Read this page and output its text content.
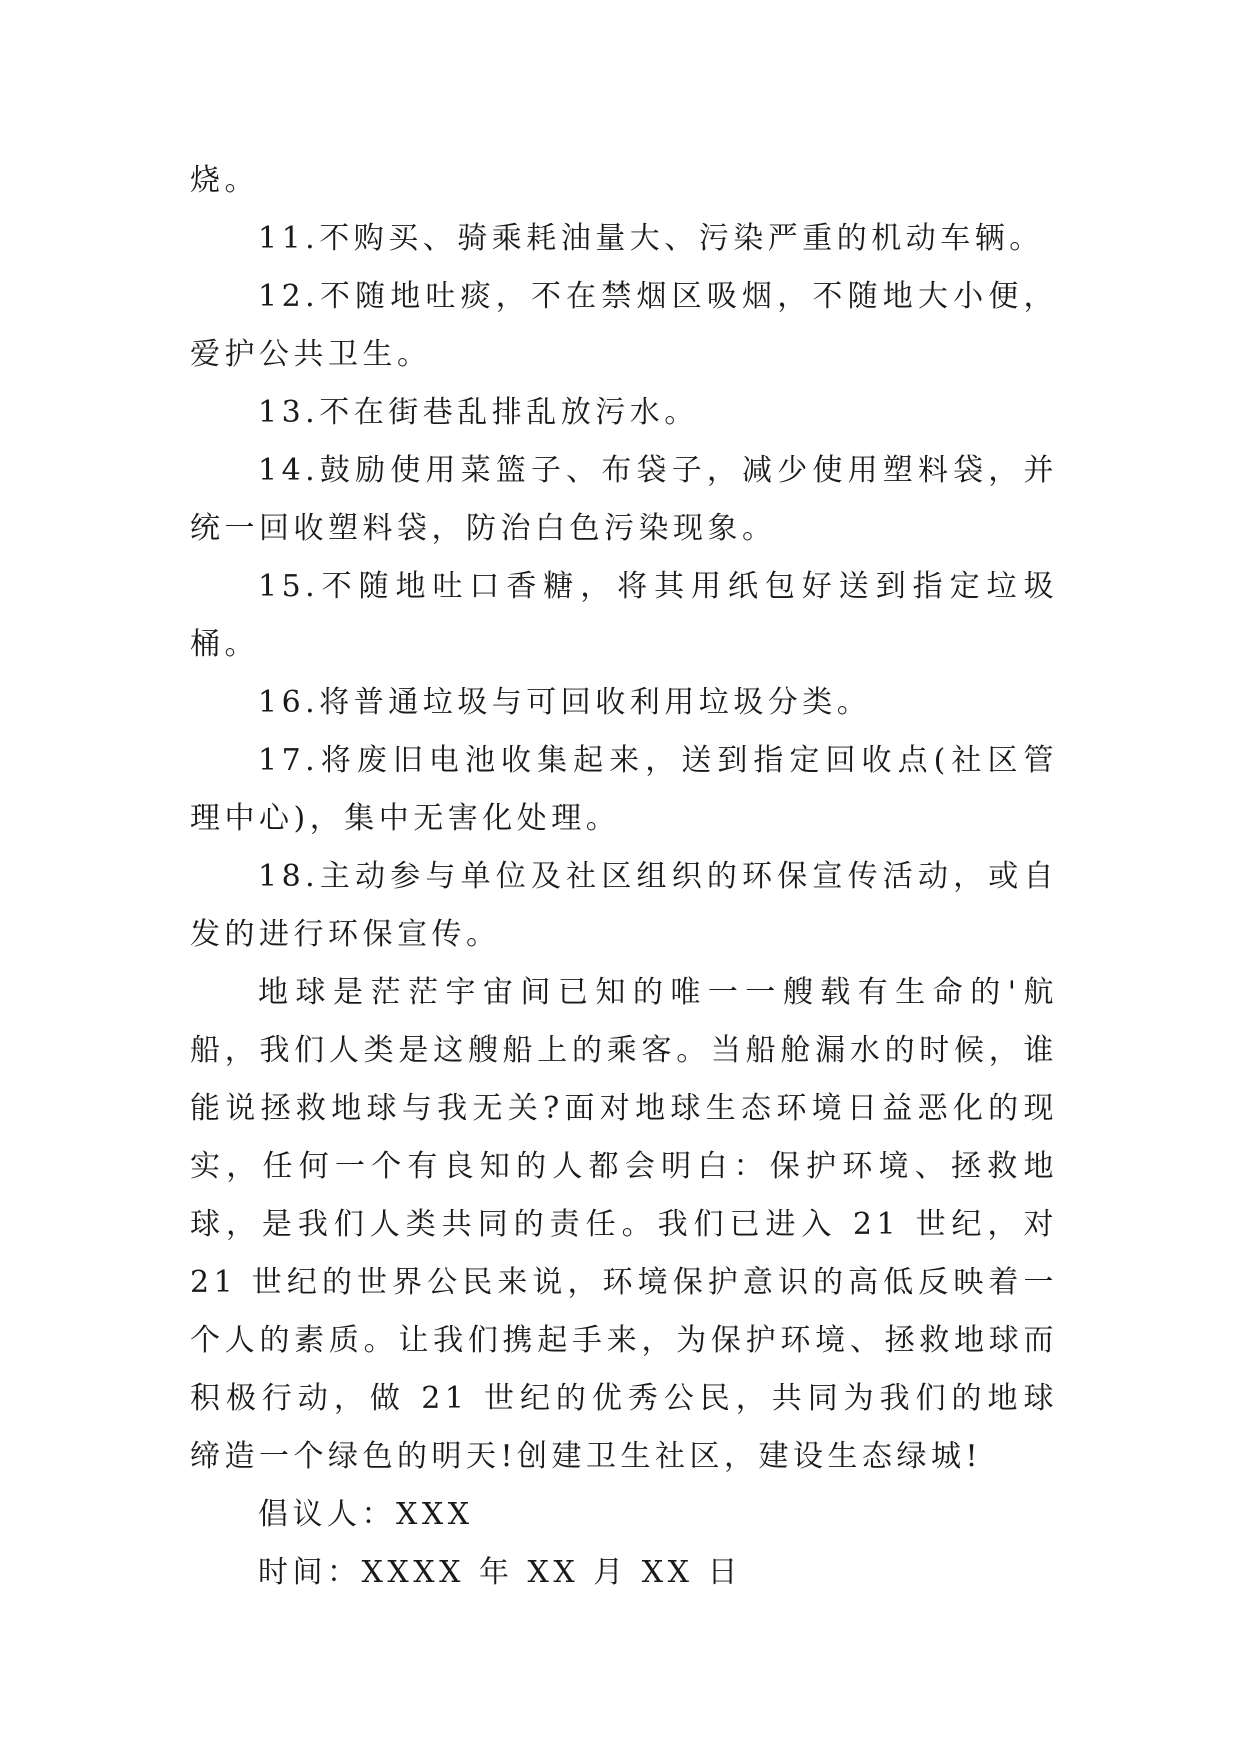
烧。

11.不购买、骑乘耗油量大、污染严重的机动车辆。

12.不随地吐痰，不在禁烟区吸烟，不随地大小便，爱护公共卫生。

13.不在街巷乱排乱放污水。

14.鼓励使用菜篮子、布袋子，减少使用塑料袋，并统一回收塑料袋，防治白色污染现象。

15.不随地吐口香糖，将其用纸包好送到指定垃圾桶。

16.将普通垃圾与可回收利用垃圾分类。

17.将废旧电池收集起来，送到指定回收点(社区管理中心)，集中无害化处理。

18.主动参与单位及社区组织的环保宣传活动，或自发的进行环保宣传。

地球是茫茫宇宙间已知的唯一一艘载有生命的'航船，我们人类是这艘船上的乘客。当船舱漏水的时候，谁能说拯救地球与我无关?面对地球生态环境日益恶化的现实，任何一个有良知的人都会明白：保护环境、拯救地球，是我们人类共同的责任。我们已进入 21 世纪，对 21 世纪的世界公民来说，环境保护意识的高低反映着一个人的素质。让我们携起手来，为保护环境、拯救地球而积极行动，做 21 世纪的优秀公民，共同为我们的地球缔造一个绿色的明天!创建卫生社区，建设生态绿城!

倡议人：XXX

时间：XXXX 年 XX 月 XX 日
